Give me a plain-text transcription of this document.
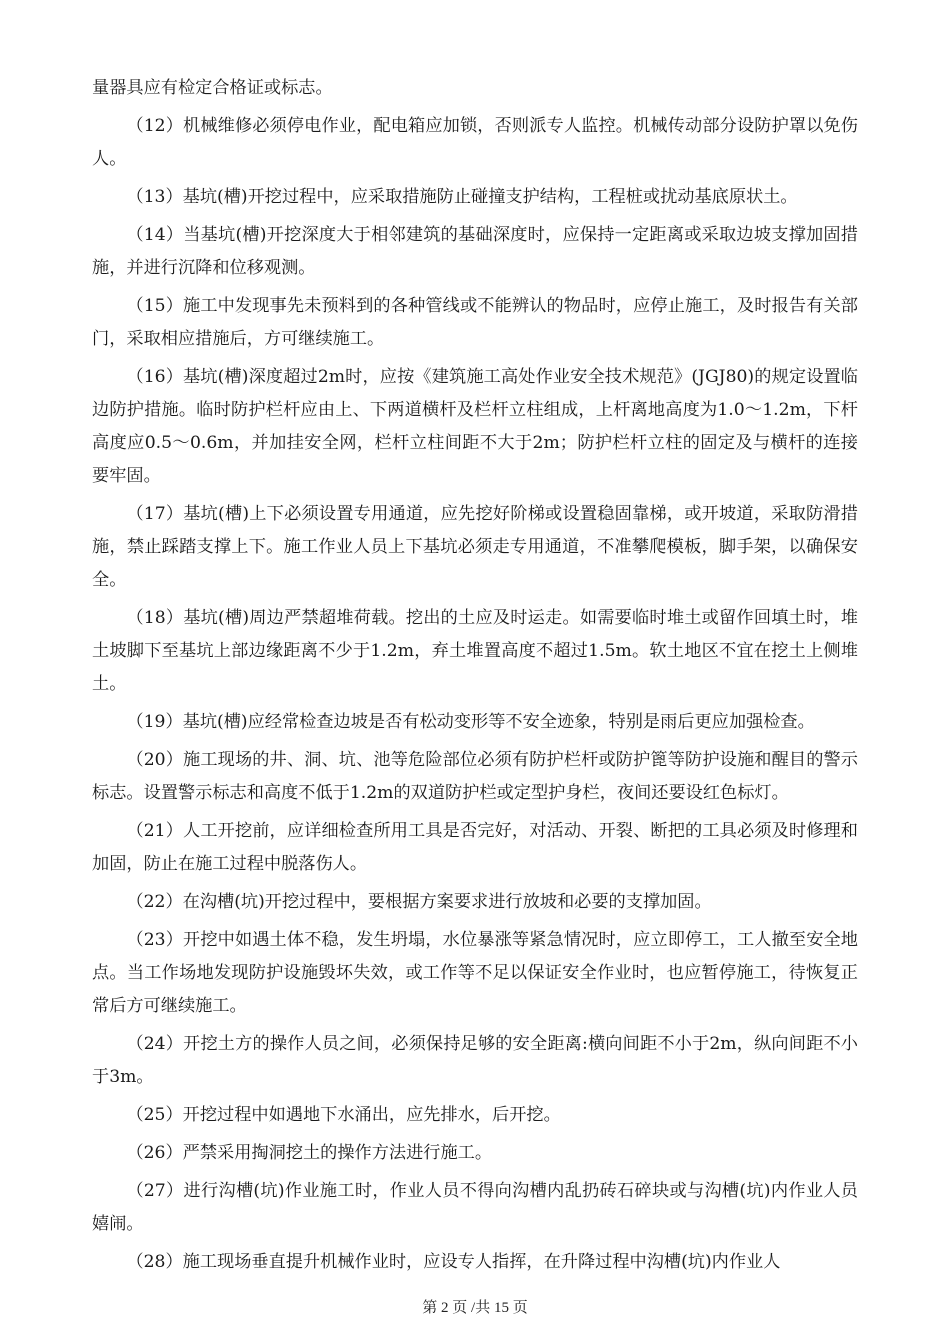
量器具应有检定合格证或标志。

（12）机械维修必须停电作业，配电箱应加锁，否则派专人监控。机械传动部分设防护罩以免伤人。

（13）基坑(槽)开挖过程中，应采取措施防止碰撞支护结构，工程桩或扰动基底原状土。

（14）当基坑(槽)开挖深度大于相邻建筑的基础深度时，应保持一定距离或采取边坡支撑加固措施，并进行沉降和位移观测。

（15）施工中发现事先未预料到的各种管线或不能辨认的物品时，应停止施工，及时报告有关部门，采取相应措施后，方可继续施工。

（16）基坑(槽)深度超过2m时，应按《建筑施工高处作业安全技术规范》(JGJ80)的规定设置临边防护措施。临时防护栏杆应由上、下两道横杆及栏杆立柱组成，上杆离地高度为1.0～1.2m，下杆高度应0.5～0.6m，并加挂安全网，栏杆立柱间距不大于2m；防护栏杆立柱的固定及与横杆的连接要牢固。

（17）基坑(槽)上下必须设置专用通道，应先挖好阶梯或设置稳固靠梯，或开坡道，采取防滑措施，禁止踩踏支撑上下。施工作业人员上下基坑必须走专用通道，不准攀爬模板，脚手架，以确保安全。

（18）基坑(槽)周边严禁超堆荷载。挖出的土应及时运走。如需要临时堆土或留作回填土时，堆土坡脚下至基坑上部边缘距离不少于1.2m，弃土堆置高度不超过1.5m。软土地区不宜在挖土上侧堆土。

（19）基坑(槽)应经常检查边坡是否有松动变形等不安全迹象，特别是雨后更应加强检查。

（20）施工现场的井、洞、坑、池等危险部位必须有防护栏杆或防护篦等防护设施和醒目的警示标志。设置警示标志和高度不低于1.2m的双道防护栏或定型护身栏，夜间还要设红色标灯。

（21）人工开挖前，应详细检查所用工具是否完好，对活动、开裂、断把的工具必须及时修理和加固，防止在施工过程中脱落伤人。

（22）在沟槽(坑)开挖过程中，要根据方案要求进行放坡和必要的支撑加固。

（23）开挖中如遇土体不稳，发生坍塌，水位暴涨等紧急情况时，应立即停工，工人撤至安全地点。当工作场地发现防护设施毁坏失效，或工作等不足以保证安全作业时，也应暂停施工，待恢复正常后方可继续施工。

（24）开挖土方的操作人员之间，必须保持足够的安全距离:横向间距不小于2m，纵向间距不小于3m。

（25）开挖过程中如遇地下水涌出，应先排水，后开挖。

（26）严禁采用掏洞挖土的操作方法进行施工。

（27）进行沟槽(坑)作业施工时，作业人员不得向沟槽内乱扔砖石碎块或与沟槽(坑)内作业人员嬉闹。

（28）施工现场垂直提升机械作业时，应设专人指挥，在升降过程中沟槽(坑)内作业人

第 2 页 /共 15 页
